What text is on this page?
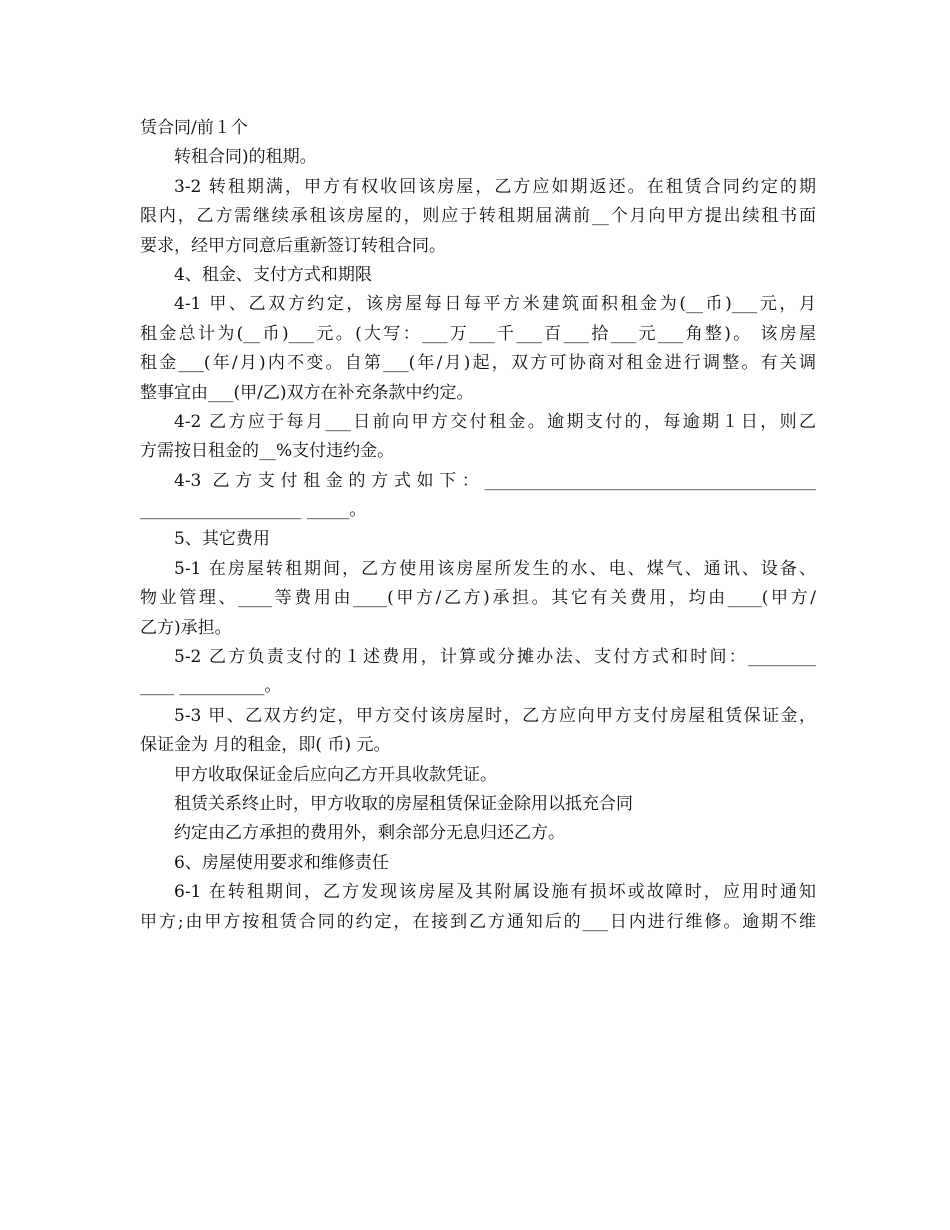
赁合同/前１个
转租合同)的租期。
3-2 转租期满，甲方有权收回该房屋，乙方应如期返还。在租赁合同约定的期
限内，乙方需继续承租该房屋的，则应于转租期届满前__个月向甲方提出续租书面
要求，经甲方同意后重新签订转租合同。
4、租金、支付方式和期限
4-1 甲、乙双方约定，该房屋每日每平方米建筑面积租金为(__币)___元，月
租金总计为(__币)___元。(大写：___万___千___百___拾___元___角整)。 该房屋
租金___(年/月)内不变。自第___(年/月)起，双方可协商对租金进行调整。有关调
整事宜由___(甲/乙)双方在补充条款中约定。
4-2 乙方应于每月___日前向甲方交付租金。逾期支付的，每逾期１日，则乙
方需按日租金的__%支付违约金。
4-3 乙方支付租金的方式如下：_______________________________________
___________________ _____。
5、其它费用
5-1 在房屋转租期间，乙方使用该房屋所发生的水、电、煤气、通讯、设备、
物业管理、____等费用由____(甲方/乙方)承担。其它有关费用，均由____(甲方/
乙方)承担。
5-2 乙方负责支付的１述费用，计算或分摊办法、支付方式和时间：________
____ __________。
5-3 甲、乙双方约定，甲方交付该房屋时，乙方应向甲方支付房屋租赁保证金，
保证金为 月的租金，即( 币) 元。
甲方收取保证金后应向乙方开具收款凭证。
租赁关系终止时，甲方收取的房屋租赁保证金除用以抵充合同
约定由乙方承担的费用外，剩余部分无息归还乙方。
6、房屋使用要求和维修责任
6-1 在转租期间，乙方发现该房屋及其附属设施有损坏或故障时，应用时通知
甲方;由甲方按租赁合同的约定，在接到乙方通知后的___日内进行维修。逾期不维
